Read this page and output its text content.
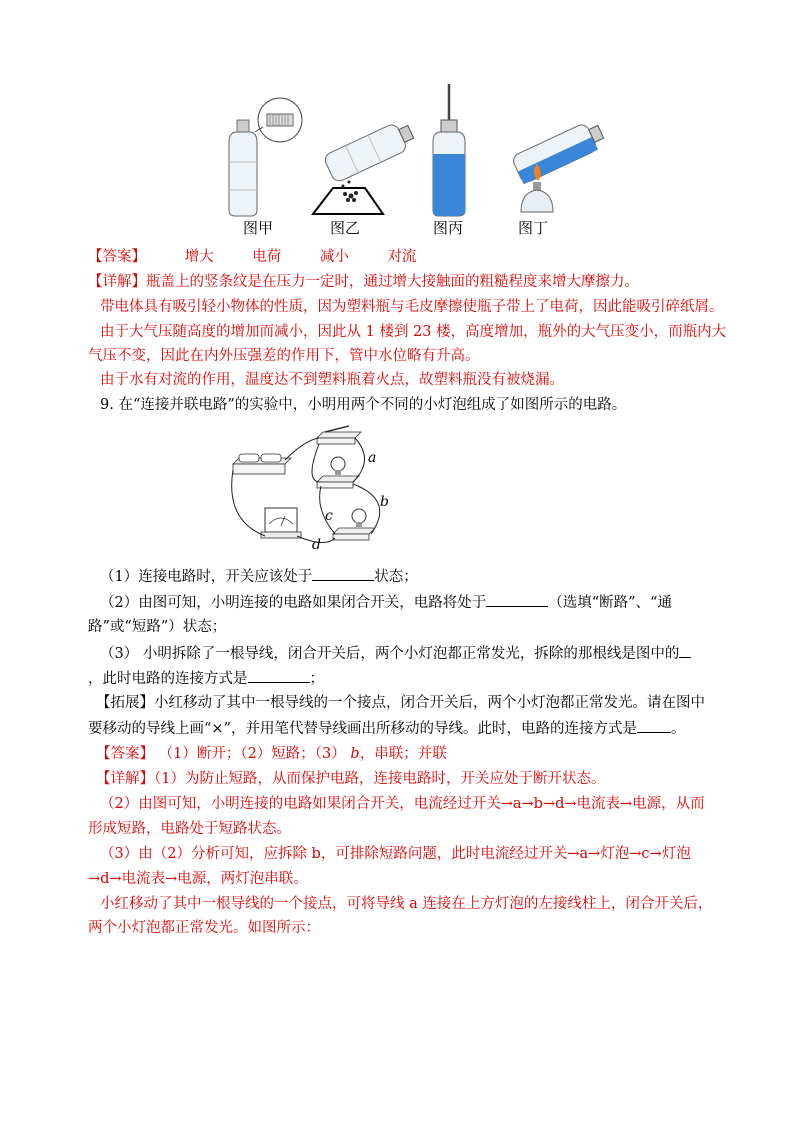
图甲	图乙	图丙	图丁
【答案】	增大	电荷	减小	对流
【详解】瓶盖上的竖条纹是在压力一定时，通过增大接触面的粗糙程度来增大摩擦力。
带电体具有吸引轻小物体的性质，因为塑料瓶与毛皮摩擦使瓶子带上了电荷，因此能吸引碎纸屑。
由于大气压随高度的增加而减小，因此从 1 楼到 23 楼，高度增加，瓶外的大气压变小，而瓶内大
气压不变，因此在内外压强差的作用下，管中水位略有升高。
由于水有对流的作用，温度达不到塑料瓶着火点，故塑料瓶没有被烧漏。
9. 在“连接并联电路”的实验中，小明用两个不同的小灯泡组成了如图所示的电路。
a
b
c
d
（1）连接电路时，开关应该处于	状态；
（2）由图可知，小明连接的电路如果闭合开关，电路将处于	（选填“断路”、“通
路”或“短路”）状态；
（3） 小明拆除了一根导线，闭合开关后，两个小灯泡都正常发光，拆除的那根线是图中的
，此时电路的连接方式是	；
【拓展】小红移动了其中一根导线的一个接点，闭合开关后，两个小灯泡都正常发光。请在图中
要移动的导线上画“×”，并用笔代替导线画出所移动的导线。此时，电路的连接方式是 。
【答案】 （1）断开；（2）短路；（3） b，串联；并联
【详解】（1）为防止短路，从而保护电路，连接电路时，开关应处于断开状态。
（2）由图可知，小明连接的电路如果闭合开关，电流经过开关→a→b→d→电流表→电源，从而
形成短路，电路处于短路状态。
（3）由（2）分析可知，应拆除 b，可排除短路问题，此时电流经过开关→a→灯泡→c→灯泡
→d→电流表→电源，两灯泡串联。
小红移动了其中一根导线的一个接点，可将导线 a 连接在上方灯泡的左接线柱上，闭合开关后，
两个小灯泡都正常发光。如图所示：
